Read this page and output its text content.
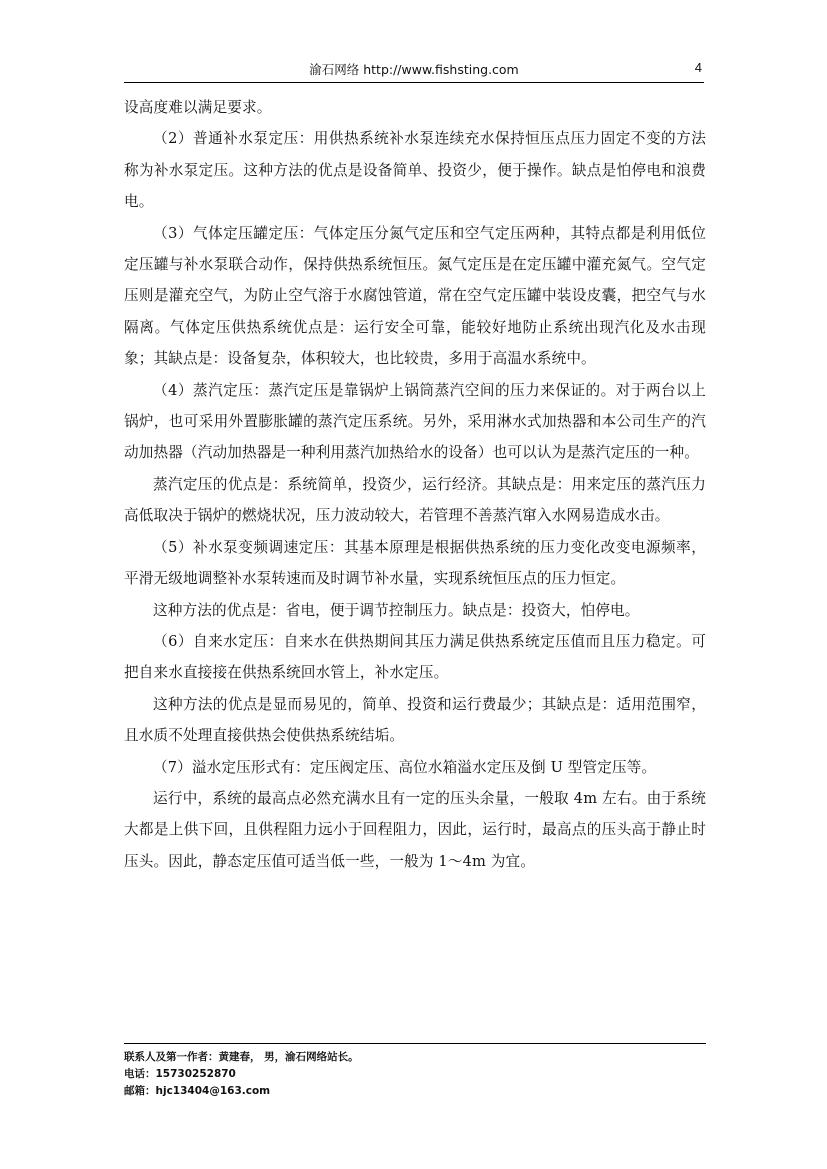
渝石网络 http://www.fishsting.com	4

设高度难以满足要求。

（2）普通补水泵定压：用供热系统补水泵连续充水保持恒压点压力固定不变的方法称为补水泵定压。这种方法的优点是设备简单、投资少，便于操作。缺点是怕停电和浪费电。

（3）气体定压罐定压：气体定压分氮气定压和空气定压两种，其特点都是利用低位定压罐与补水泵联合动作，保持供热系统恒压。氮气定压是在定压罐中灌充氮气。空气定压则是灌充空气，为防止空气溶于水腐蚀管道，常在空气定压罐中装设皮囊，把空气与水隔离。气体定压供热系统优点是：运行安全可靠，能较好地防止系统出现汽化及水击现象；其缺点是：设备复杂，体积较大，也比较贵，多用于高温水系统中。

（4）蒸汽定压：蒸汽定压是靠锅炉上锅筒蒸汽空间的压力来保证的。对于两台以上锅炉，也可采用外置膨胀罐的蒸汽定压系统。另外，采用淋水式加热器和本公司生产的汽动加热器（汽动加热器是一种利用蒸汽加热给水的设备）也可以认为是蒸汽定压的一种。

蒸汽定压的优点是：系统简单，投资少，运行经济。其缺点是：用来定压的蒸汽压力高低取决于锅炉的燃烧状况，压力波动较大，若管理不善蒸汽窜入水网易造成水击。

（5）补水泵变频调速定压：其基本原理是根据供热系统的压力变化改变电源频率，平滑无级地调整补水泵转速而及时调节补水量，实现系统恒压点的压力恒定。

这种方法的优点是：省电，便于调节控制压力。缺点是：投资大，怕停电。

（6）自来水定压：自来水在供热期间其压力满足供热系统定压值而且压力稳定。可把自来水直接接在供热系统回水管上，补水定压。

这种方法的优点是显而易见的，简单、投资和运行费最少；其缺点是：适用范围窄，且水质不处理直接供热会使供热系统结垢。

（7）溢水定压形式有：定压阀定压、高位水箱溢水定压及倒 U 型管定压等。

运行中，系统的最高点必然充满水且有一定的压头余量，一般取 4m 左右。由于系统大都是上供下回，且供程阻力远小于回程阻力，因此，运行时，最高点的压头高于静止时压头。因此，静态定压值可适当低一些，一般为 1～4m 为宜。

联系人及第一作者：黄建春， 男，渝石网络站长。
电话：15730252870
邮箱：hjc13404@163.com
